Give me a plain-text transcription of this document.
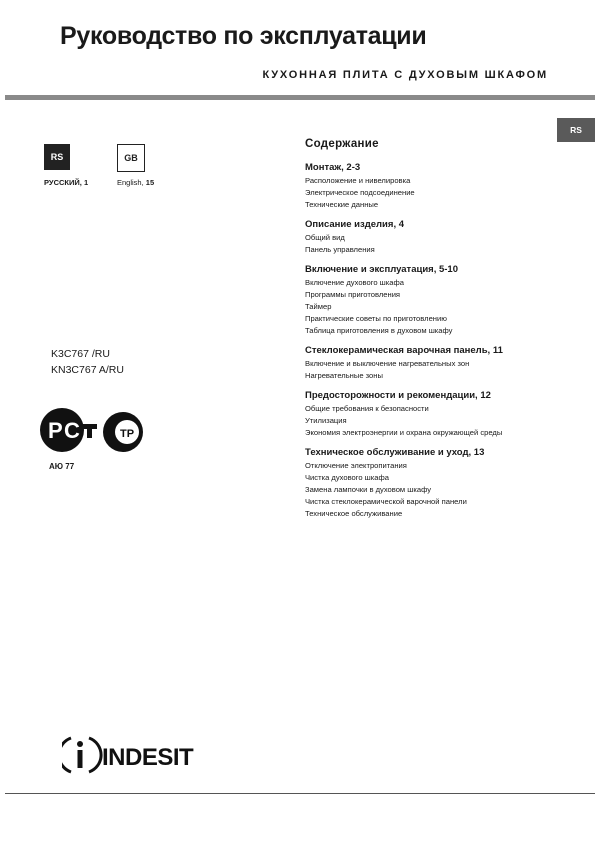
Руководство по эксплуатации
КУХОННАЯ ПЛИТА С ДУХОВЫМ ШКАФОМ
RS
RS	GB
РУССКИЙ, 1	English, 15
K3C767 /RU
KN3C767 A/RU
Р С	ТР
АЮ 77
Содержание
Монтаж, 2-3
Расположение и нивелировка
Электрическое подсоединение
Технические данные
Описание изделия, 4
Общий вид
Панель управления
Включение и эксплуатация, 5-10
Включение духового шкафа
Программы приготовления
Таймер
Практические советы по приготовлению
Таблица приготовления в духовом шкафу
Стеклокерамическая варочная панель, 11
Включение и выключение нагревательных зон
Нагревательные зоны
Предосторожности и рекомендации, 12
Общие требования к безопасности
Утилизация
Экономия электроэнергии и охрана окружающей среды
Техническое обслуживание и уход, 13
Отключение электропитания
Чистка духового шкафа
Замена лампочки в духовом шкафу
Чистка стеклокерамической варочной панели
Техническое обслуживание
INDESIT
